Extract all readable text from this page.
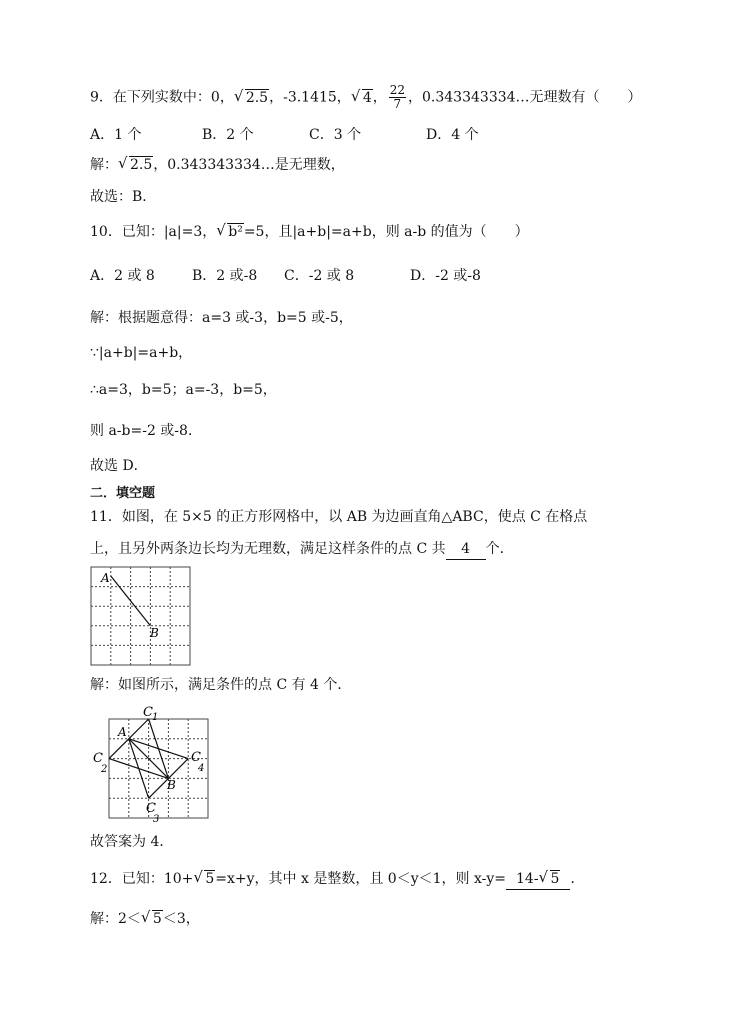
9．在下列实数中：0， √ 2.5，-3.1415， √ 4， $\frac{22}{7}$ ，0.343343334…无理数有（　　）
A．1 个	B．2 个	C．3 个	D．4 个
解： √ 2.5，0.343343334…是无理数，
故选：B．
10．已知：|a|=3， √ b²=5，且|a+b|=a+b，则 a-b 的值为（　　）
A．2 或 8	B．2 或-8 C．-2 或 8	D．-2 或-8
解：根据题意得：a=3 或-3，b=5 或-5，
∵|a+b|=a+b，
∴a=3，b=5；a=-3，b=5，
则 a-b=-2 或-8．
故选 D．
二．填空题
11．如图，在 5×5 的正方形网格中，以 AB 为边画直角△ABC，使点 C 在格点
上，且另外两条边长均为无理数，满足这样条件的点 C 共 4 个．
A
B
解：如图所示，满足条件的点 C 有 4 个．
A
B
C 1
C
2
C
3
C
4
故答案为 4．
12．已知：10+ √ 5=x+y，其中 x 是整数，且 0＜y＜1，则 x-y= 14- √ 5 ．
解：2＜ √ 5＜3，
